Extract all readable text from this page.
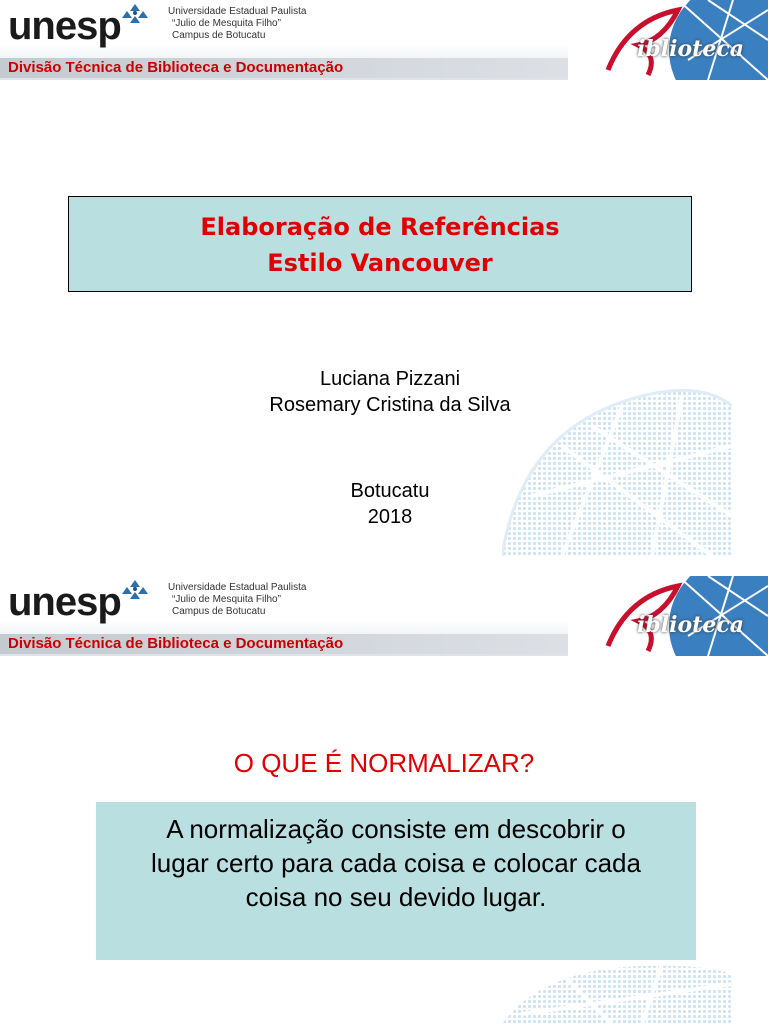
unesp	Universidade Estadual Paulista
“Julio de Mesquita Filho”
Campus de Botucatu
Divisão Técnica de Biblioteca e Documentação
iblioteca
Elaboração de Referências
Estilo Vancouver
Luciana Pizzani
Rosemary Cristina da Silva
Botucatu
2018
unesp	Universidade Estadual Paulista
“Julio de Mesquita Filho”
Campus de Botucatu
Divisão Técnica de Biblioteca e Documentação
iblioteca
O QUE É NORMALIZAR?
A normalização consiste em descobrir o
lugar certo para cada coisa e colocar cada
coisa no seu devido lugar.
